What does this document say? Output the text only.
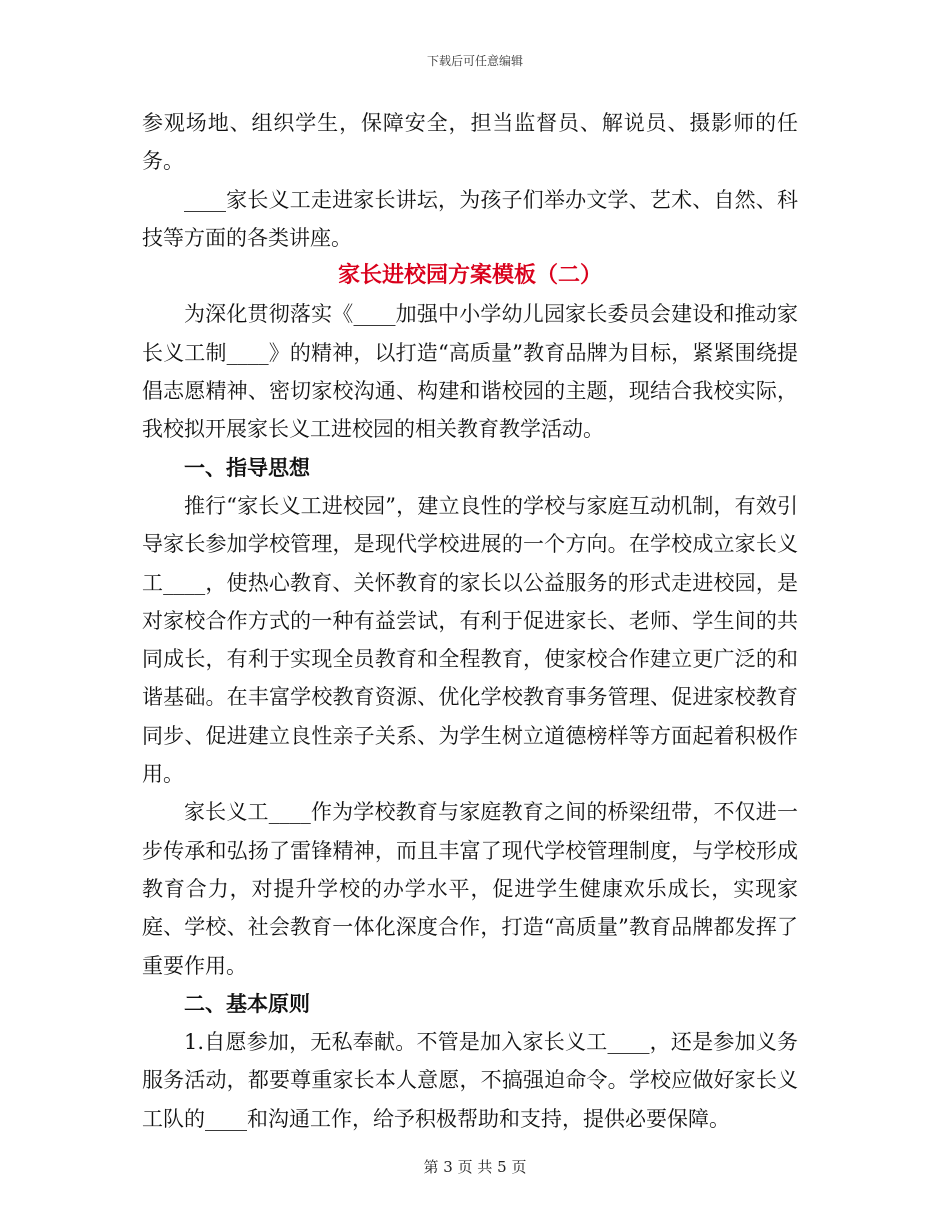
下载后可任意编辑

参观场地、组织学生，保障安全，担当监督员、解说员、摄影师的任务。

____家长义工走进家长讲坛，为孩子们举办文学、艺术、自然、科技等方面的各类讲座。

家长进校园方案模板（二）

为深化贯彻落实《____加强中小学幼儿园家长委员会建设和推动家长义工制____》的精神，以打造“高质量”教育品牌为目标，紧紧围绕提倡志愿精神、密切家校沟通、构建和谐校园的主题，现结合我校实际，我校拟开展家长义工进校园的相关教育教学活动。

一、指导思想

推行“家长义工进校园”，建立良性的学校与家庭互动机制，有效引导家长参加学校管理，是现代学校进展的一个方向。在学校成立家长义工____，使热心教育、关怀教育的家长以公益服务的形式走进校园，是对家校合作方式的一种有益尝试，有利于促进家长、老师、学生间的共同成长，有利于实现全员教育和全程教育，使家校合作建立更广泛的和谐基础。在丰富学校教育资源、优化学校教育事务管理、促进家校教育同步、促进建立良性亲子关系、为学生树立道德榜样等方面起着积极作用。

家长义工____作为学校教育与家庭教育之间的桥梁纽带，不仅进一步传承和弘扬了雷锋精神，而且丰富了现代学校管理制度，与学校形成教育合力，对提升学校的办学水平，促进学生健康欢乐成长，实现家庭、学校、社会教育一体化深度合作，打造“高质量”教育品牌都发挥了重要作用。

二、基本原则

1.自愿参加，无私奉献。不管是加入家长义工____，还是参加义务服务活动，都要尊重家长本人意愿，不搞强迫命令。学校应做好家长义工队的____和沟通工作，给予积极帮助和支持，提供必要保障。

第 3 页 共 5 页
